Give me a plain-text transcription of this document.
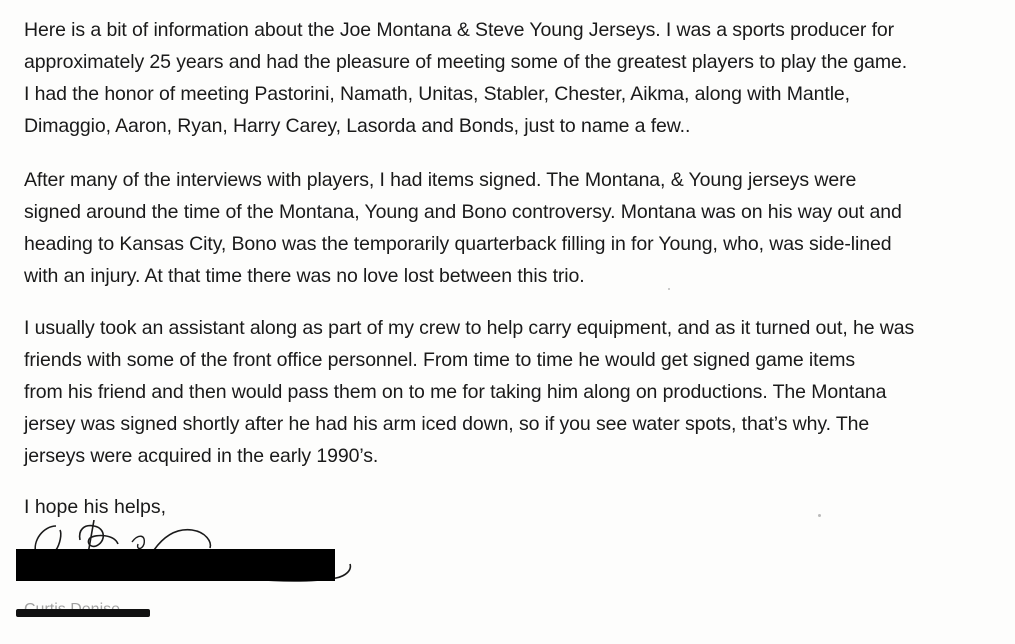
Here is a bit of information about the Joe Montana & Steve Young Jerseys. I was a sports producer for
approximately 25 years and had the pleasure of meeting some of the greatest players to play the game.
I had the honor of meeting Pastorini, Namath, Unitas, Stabler, Chester, Aikma, along with Mantle,
Dimaggio, Aaron, Ryan, Harry Carey, Lasorda and Bonds, just to name a few..

After many of the interviews with players, I had items signed. The Montana, & Young jerseys were
signed around the time of the Montana, Young and Bono controversy. Montana was on his way out and
heading to Kansas City, Bono was the temporarily quarterback filling in for Young, who, was side-lined
with an injury. At that time there was no love lost between this trio.

I usually took an assistant along as part of my crew to help carry equipment, and as it turned out, he was
friends with some of the front office personnel. From time to time he would get signed game items
from his friend and then would pass them on to me for taking him along on productions. The Montana
jersey was signed shortly after he had his arm iced down, so if you see water spots, that’s why. The
jerseys were acquired in the early 1990’s.

I hope his helps,
